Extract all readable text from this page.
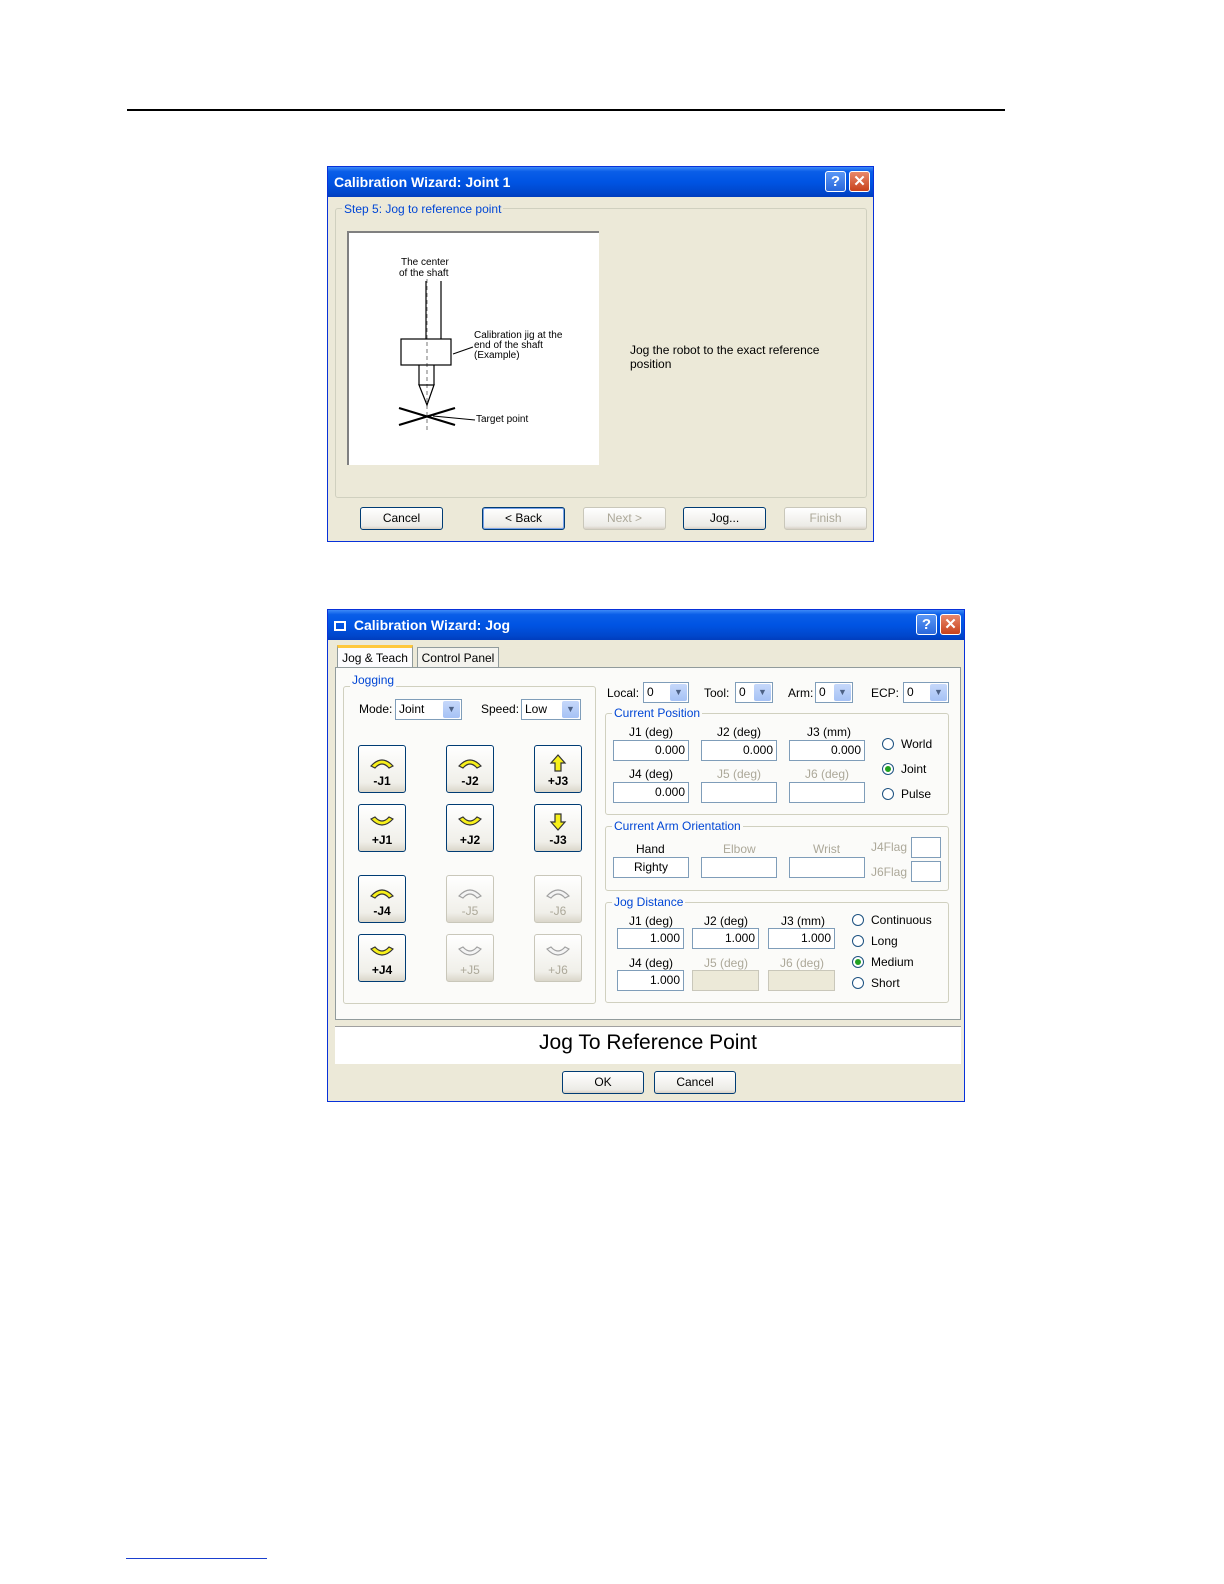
Calibration Wizard: Joint 1	? ✕
Step 5: Jog to reference point
The center
of the shaft
Calibration jig at the
end of the shaft
(Example)
Target point
Jog the robot to the exact reference
position
Cancel	< Back	Next >	Jog...	Finish
Calibration Wizard: Jog	? ✕
Jog & Teach	Control Panel
Jogging
Mode: Joint	▼	Speed: Low	▼
-J1	-J2	+J3
+J1	+J2	-J3
-J4	-J5	-J6
+J4	+J5	+J6
Local: 0	▼	Tool: 0	▼	Arm: 0	▼	ECP: 0	▼
Current Position
J1 (deg)	J2 (deg)	J3 (mm)
0.000	0.000	0.000
J4 (deg)	J5 (deg)	J6 (deg)
0.000
World
Joint
Pulse
Current Arm Orientation
Hand	Elbow	Wrist
Righty
J4Flag
J6Flag
Jog Distance
J1 (deg)	J2 (deg)	J3 (mm)
1.000	1.000	1.000
J4 (deg)	J5 (deg)	J6 (deg)
1.000
Continuous
Long
Medium
Short
Jog To Reference Point
OK	Cancel
